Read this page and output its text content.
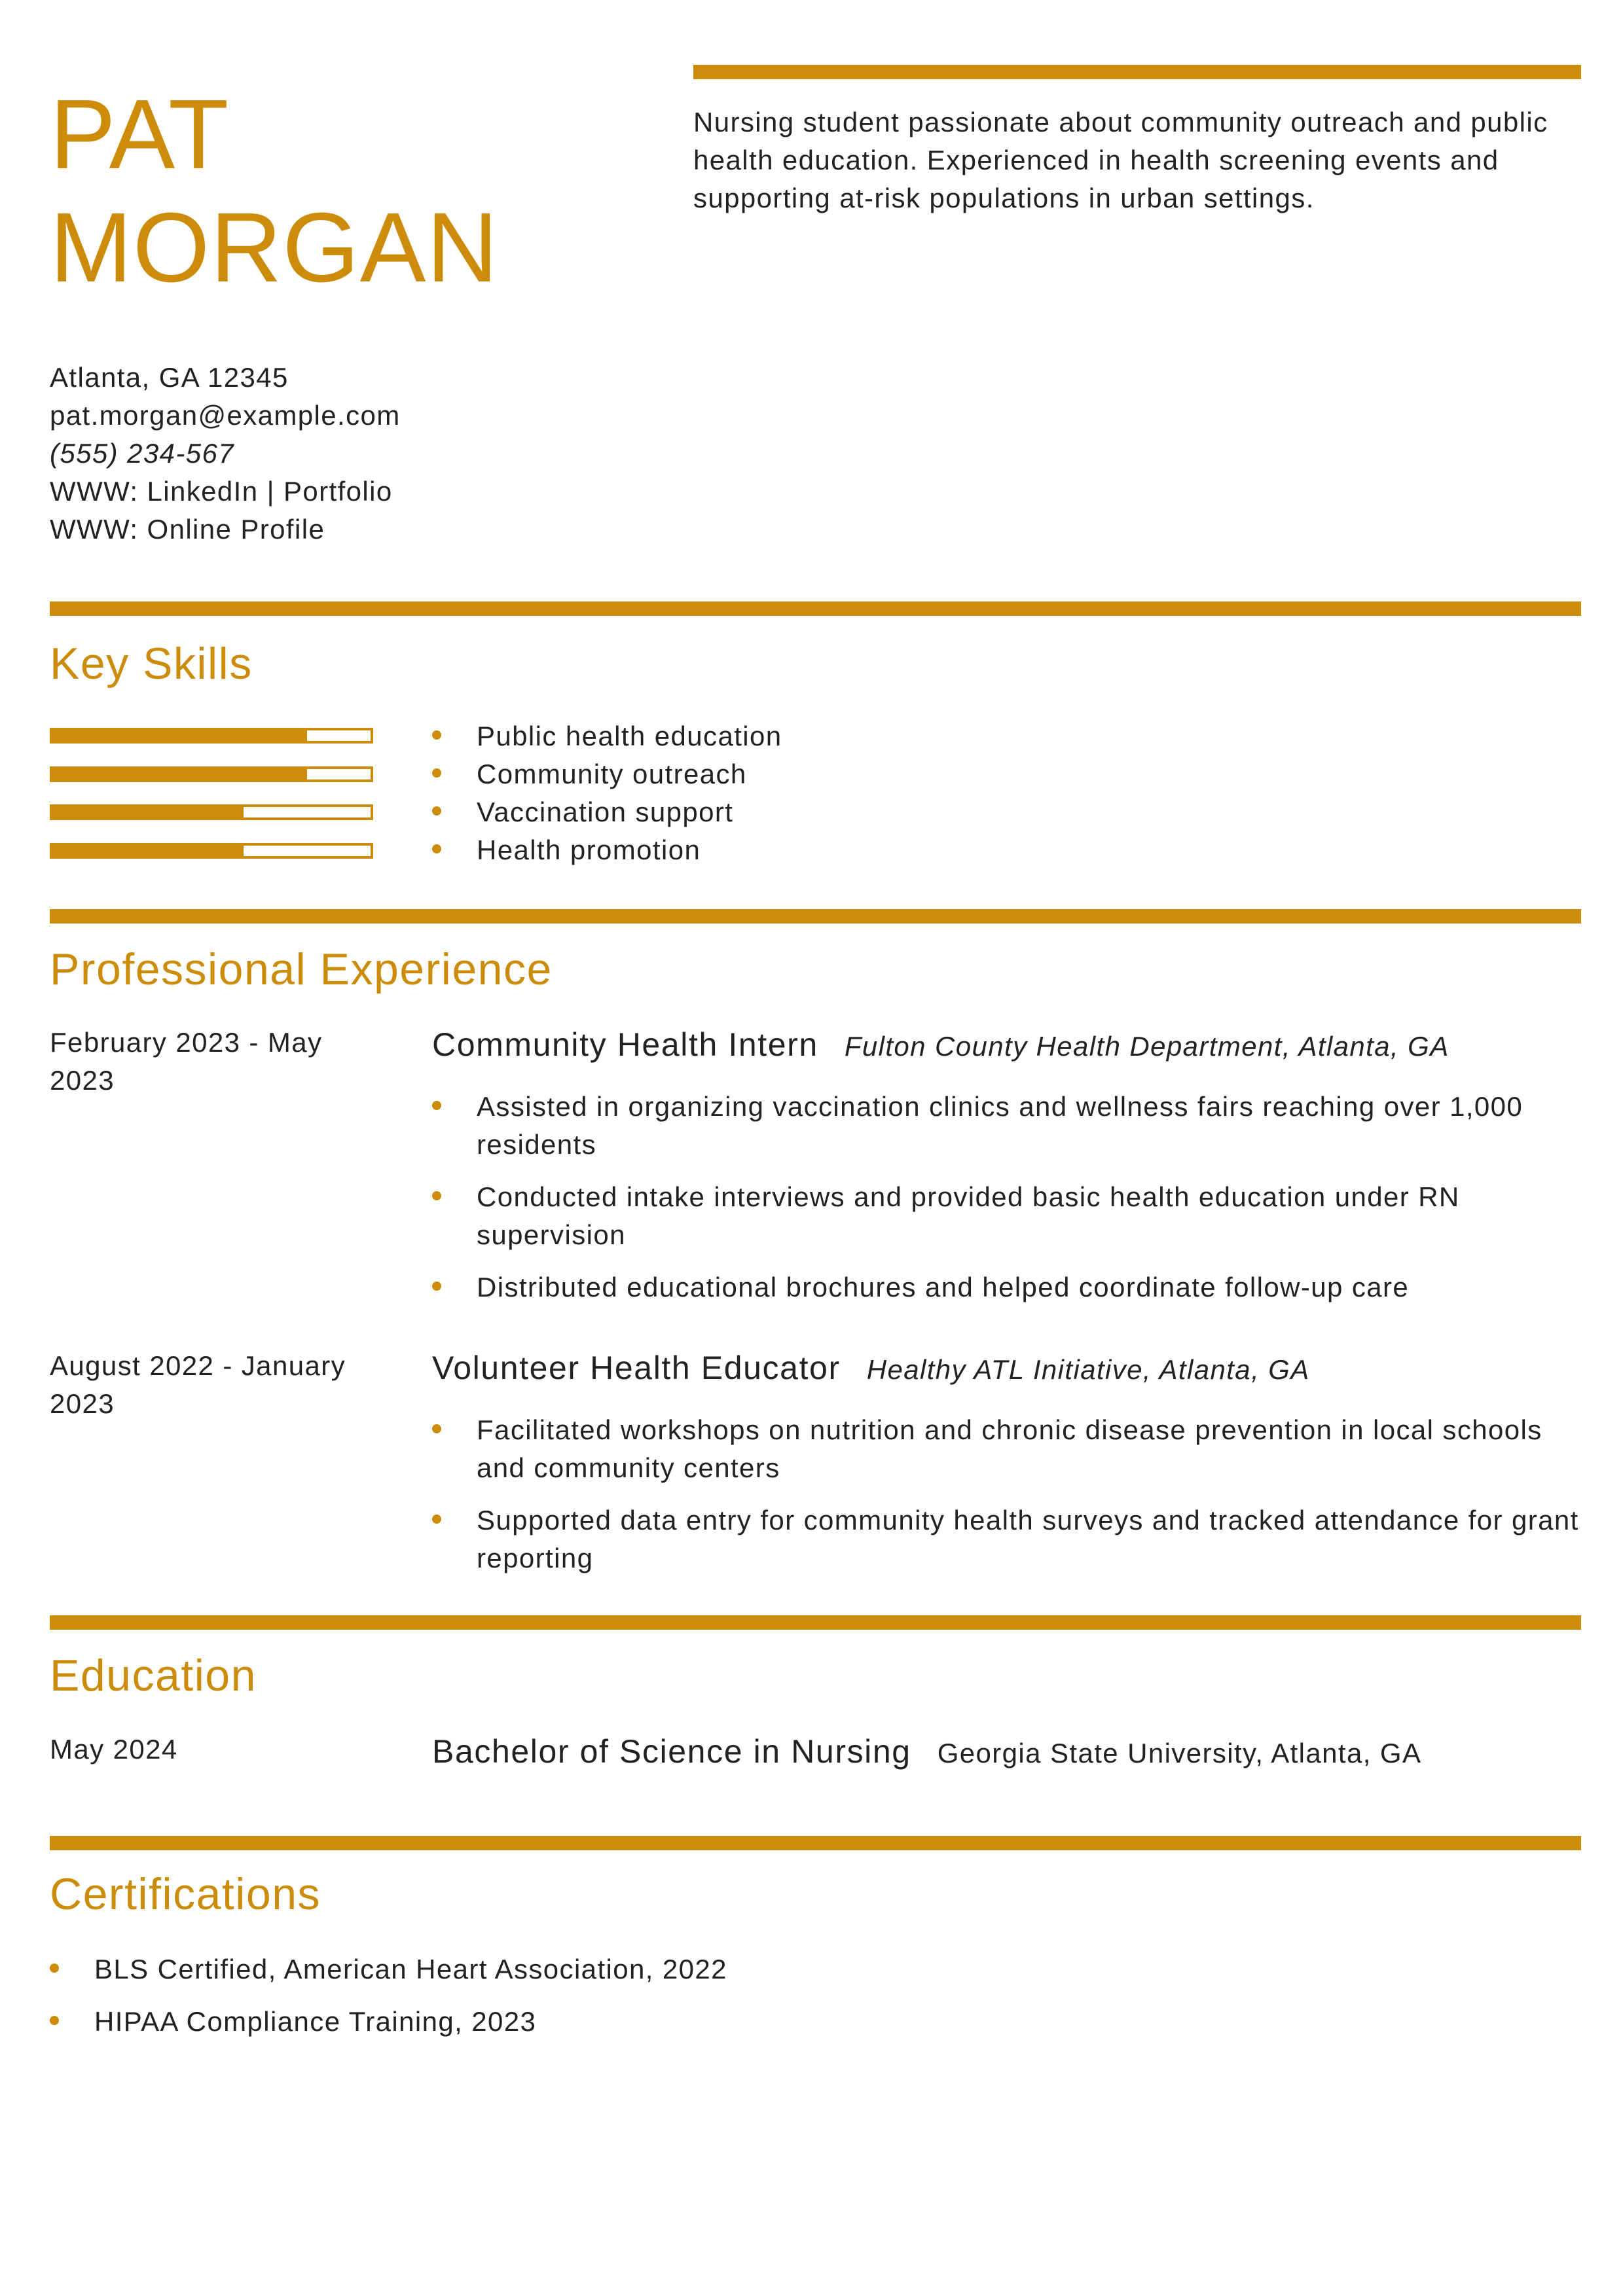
PAT
MORGAN
Nursing student passionate about community outreach and public health education. Experienced in health screening events and supporting at-risk populations in urban settings.
Atlanta, GA 12345
pat.morgan@example.com
(555) 234-567
WWW: LinkedIn | Portfolio
WWW: Online Profile
Key Skills
Public health education
Community outreach
Vaccination support
Health promotion
Professional Experience
February 2023 - May 2023
Community Health Intern Fulton County Health Department, Atlanta, GA
Assisted in organizing vaccination clinics and wellness fairs reaching over 1,000 residents
Conducted intake interviews and provided basic health education under RN supervision
Distributed educational brochures and helped coordinate follow-up care
August 2022 - January 2023
Volunteer Health Educator Healthy ATL Initiative, Atlanta, GA
Facilitated workshops on nutrition and chronic disease prevention in local schools and community centers
Supported data entry for community health surveys and tracked attendance for grant reporting
Education
May 2024	Bachelor of Science in Nursing Georgia State University, Atlanta, GA
Certifications
BLS Certified, American Heart Association, 2022
HIPAA Compliance Training, 2023
